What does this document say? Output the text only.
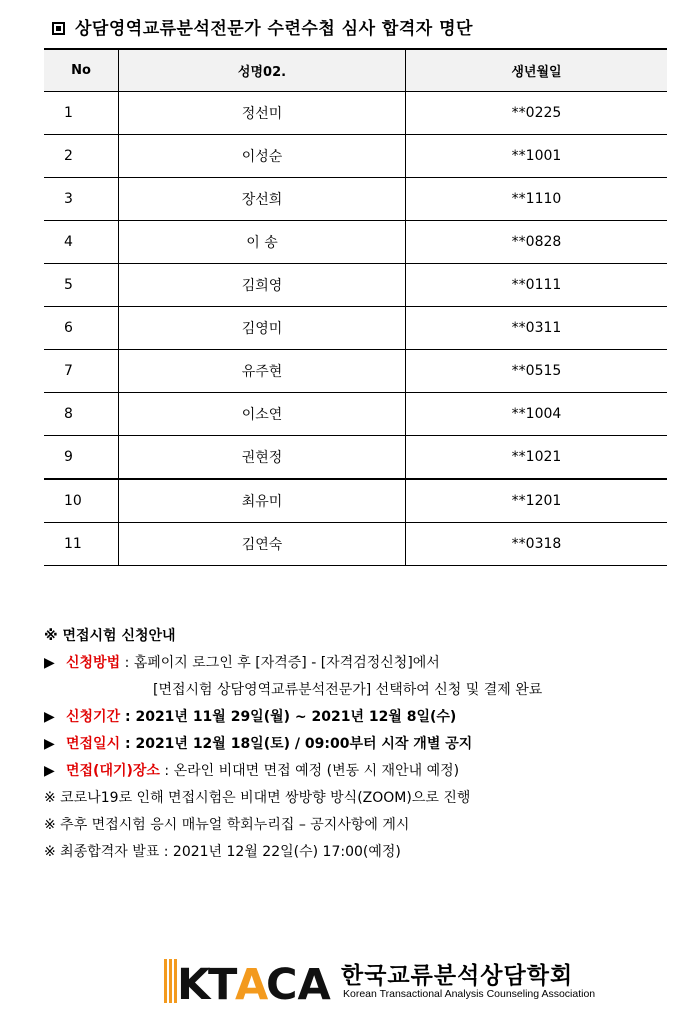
상담영역교류분석전문가 수련수첩 심사 합격자 명단
No	성명02.	생년월일
1	정선미	**0225
2	이성순	**1001
3	장선희	**1110
4	이 송	**0828
5	김희영	**0111
6	김영미	**0311
7	유주현	**0515
8	이소연	**1004
9	권현정	**1021
10	최유미	**1201
11	김연숙	**0318
※ 면접시험 신청안내
▶ 신청방법 : 홈페이지 로그인 후 [자격증] - [자격검정신청]에서
[면접시험 상담영역교류분석전문가] 선택하여 신청 및 결제 완료
▶ 신청기간 : 2021년 11월 29일(월) ~ 2021년 12월 8일(수)
▶ 면접일시 : 2021년 12월 18일(토) / 09:00부터 시작 개별 공지
▶ 면접(대기)장소 : 온라인 비대면 면접 예정 (변동 시 재안내 예정)
※ 코로나19로 인해 면접시험은 비대면 쌍방향 방식(ZOOM)으로 진행
※ 추후 면접시험 응시 매뉴얼 학회누리집 – 공지사항에 게시
※ 최종합격자 발표 : 2021년 12월 22일(수) 17:00(예정)
K
T
A
CA 한국교류분석상담학회
Korean Transactional Analysis Counseling Association
